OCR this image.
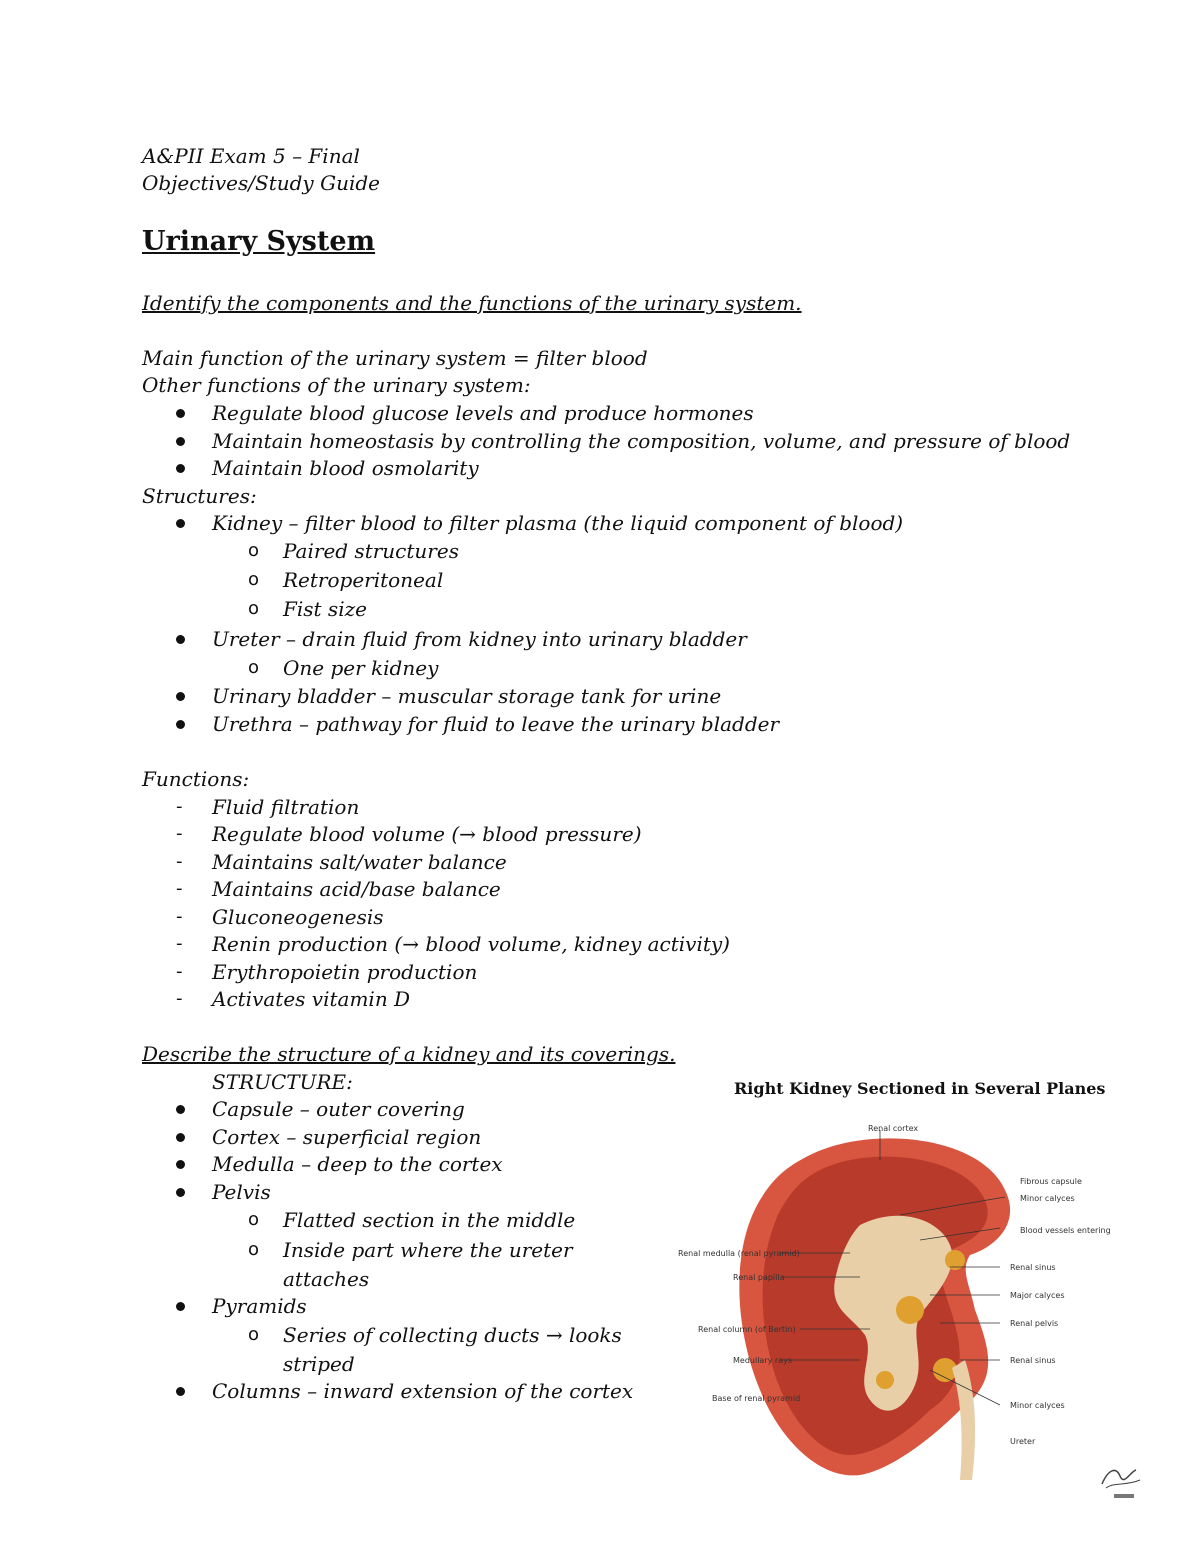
A&PII Exam 5 – Final
Objectives/Study Guide
Urinary System
Identify the components and the functions of the urinary system.
Main function of the urinary system = filter blood
Other functions of the urinary system:
Regulate blood glucose levels and produce hormones
Maintain homeostasis by controlling the composition, volume, and pressure of blood
Maintain blood osmolarity
Structures:
Kidney – filter blood to filter plasma (the liquid component of blood)
o Paired structures
o Retroperitoneal
o Fist size
Ureter – drain fluid from kidney into urinary bladder
o One per kidney
Urinary bladder – muscular storage tank for urine
Urethra – pathway for fluid to leave the urinary bladder
Functions:
- Fluid filtration
- Regulate blood volume (→ blood pressure)
- Maintains salt/water balance
- Maintains acid/base balance
- Gluconeogenesis
- Renin production (→ blood volume, kidney activity)
- Erythropoietin production
- Activates vitamin D
Describe the structure of a kidney and its coverings.
STRUCTURE:
Capsule – outer covering
Cortex – superficial region
Medulla – deep to the cortex
Pelvis
o Flatted section in the middle
o Inside part where the ureter
attaches
Pyramids
o Series of collecting ducts → looks
striped
Columns – inward extension of the cortex
Right Kidney Sectioned in Several Planes
Renal cortex
Fibrous capsule
Minor calyces
Blood vessels entering
Renal sinus
Major calyces
Renal pelvis
Renal sinus
Minor calyces
Ureter
Renal medulla (renal pyramid)
Renal papilla
Renal column (of Bertin)
Medullary rays
Base of renal pyramid
